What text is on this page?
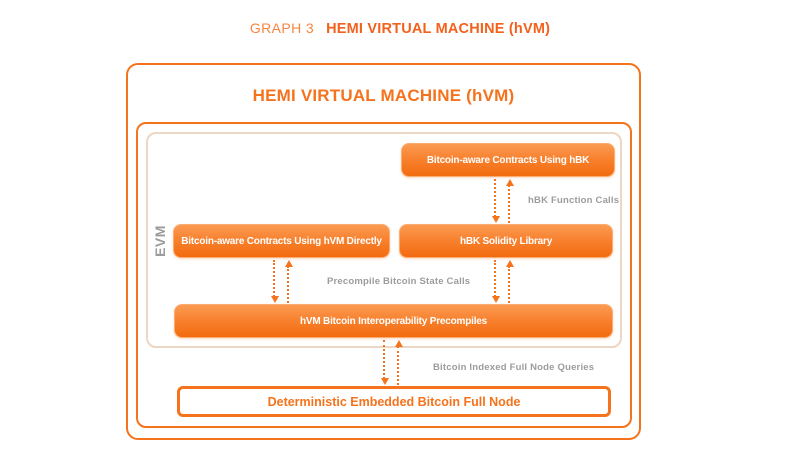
GRAPH 3 HEMI VIRTUAL MACHINE (hVM)
HEMI VIRTUAL MACHINE (hVM)
EVM
Bitcoin-aware Contracts Using hBK
Bitcoin-aware Contracts Using hVM Directly	hBK Solidity Library
hVM Bitcoin Interoperability Precompiles
Deterministic Embedded Bitcoin Full Node
hBK Function Calls
Precompile Bitcoin State Calls
Bitcoin Indexed Full Node Queries
